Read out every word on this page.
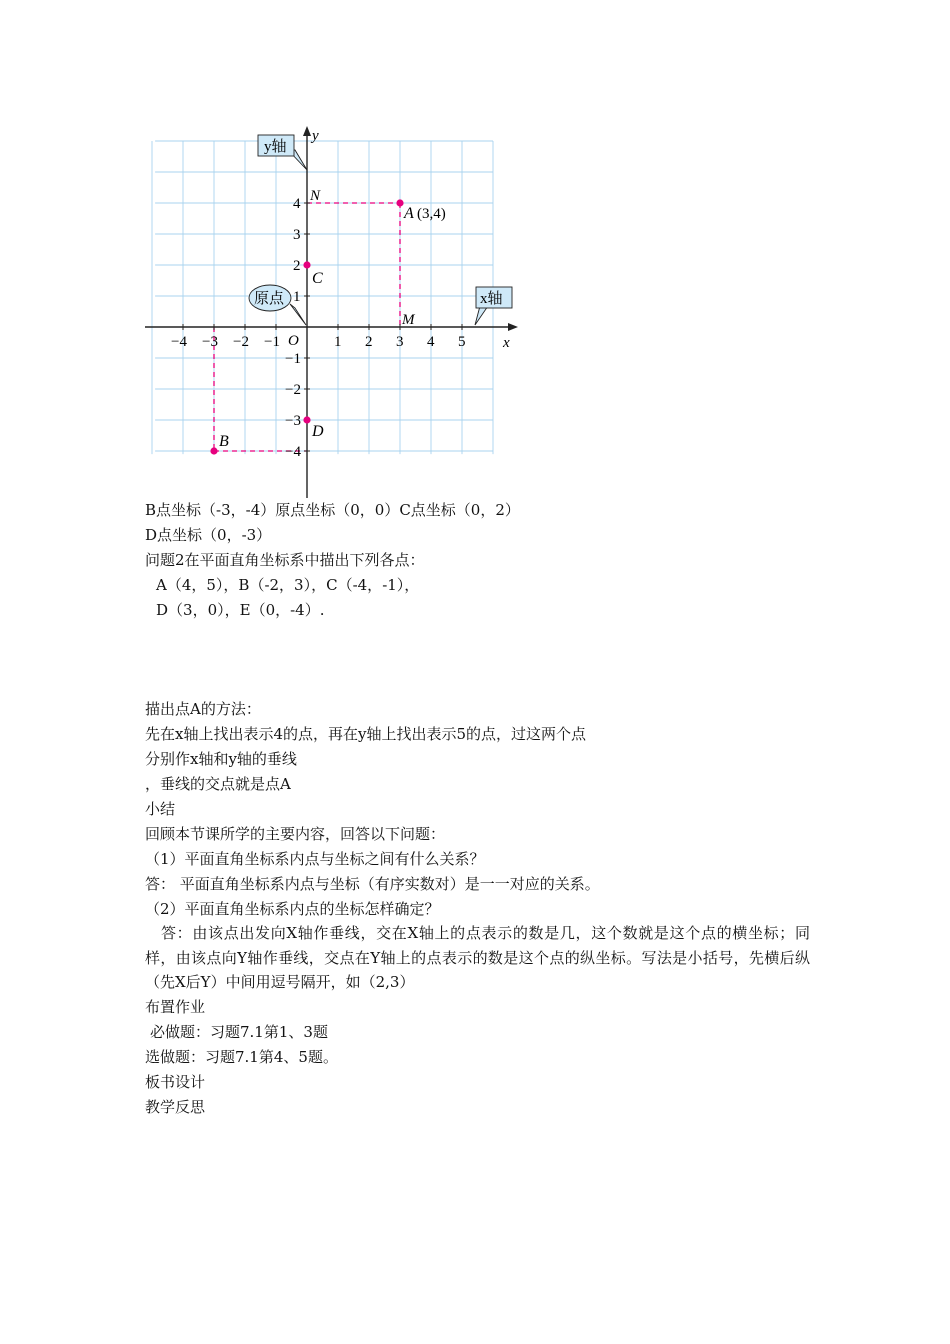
−4 −3 −2 −1	1 2 3 4 5
4
3
2
1
−1
−2
−3
−4
A (3,4)
B
C
D
y
x
O
N
M
y轴
x轴
原点
B点坐标（-3，-4）原点坐标（0，0）C点坐标（0，2）
D点坐标（0，-3）
问题2在平面直角坐标系中描出下列各点：
A（4，5），B（-2，3），C（-4，-1），
D（3，0），E（0，-4）.
描出点A的方法：
先在x轴上找出表示4的点，再在y轴上找出表示5的点，过这两个点
分别作x轴和y轴的垂线
，垂线的交点就是点A
小结
回顾本节课所学的主要内容，回答以下问题：
（1）平面直角坐标系内点与坐标之间有什么关系？
答： 平面直角坐标系内点与坐标（有序实数对）是一一对应的关系。
（2）平面直角坐标系内点的坐标怎样确定？
答：由该点出发向X轴作垂线，交在X轴上的点表示的数是几，这个数就是这个点的横坐标；同样，由该点向Y轴作垂线，交点在Y轴上的点表示的数是这个点的纵坐标。写法是小括号，先横后纵（先X后Y）中间用逗号隔开，如（2,3）
布置作业
必做题：习题7.1第1、3题
选做题：习题7.1第4、5题。
板书设计
教学反思
